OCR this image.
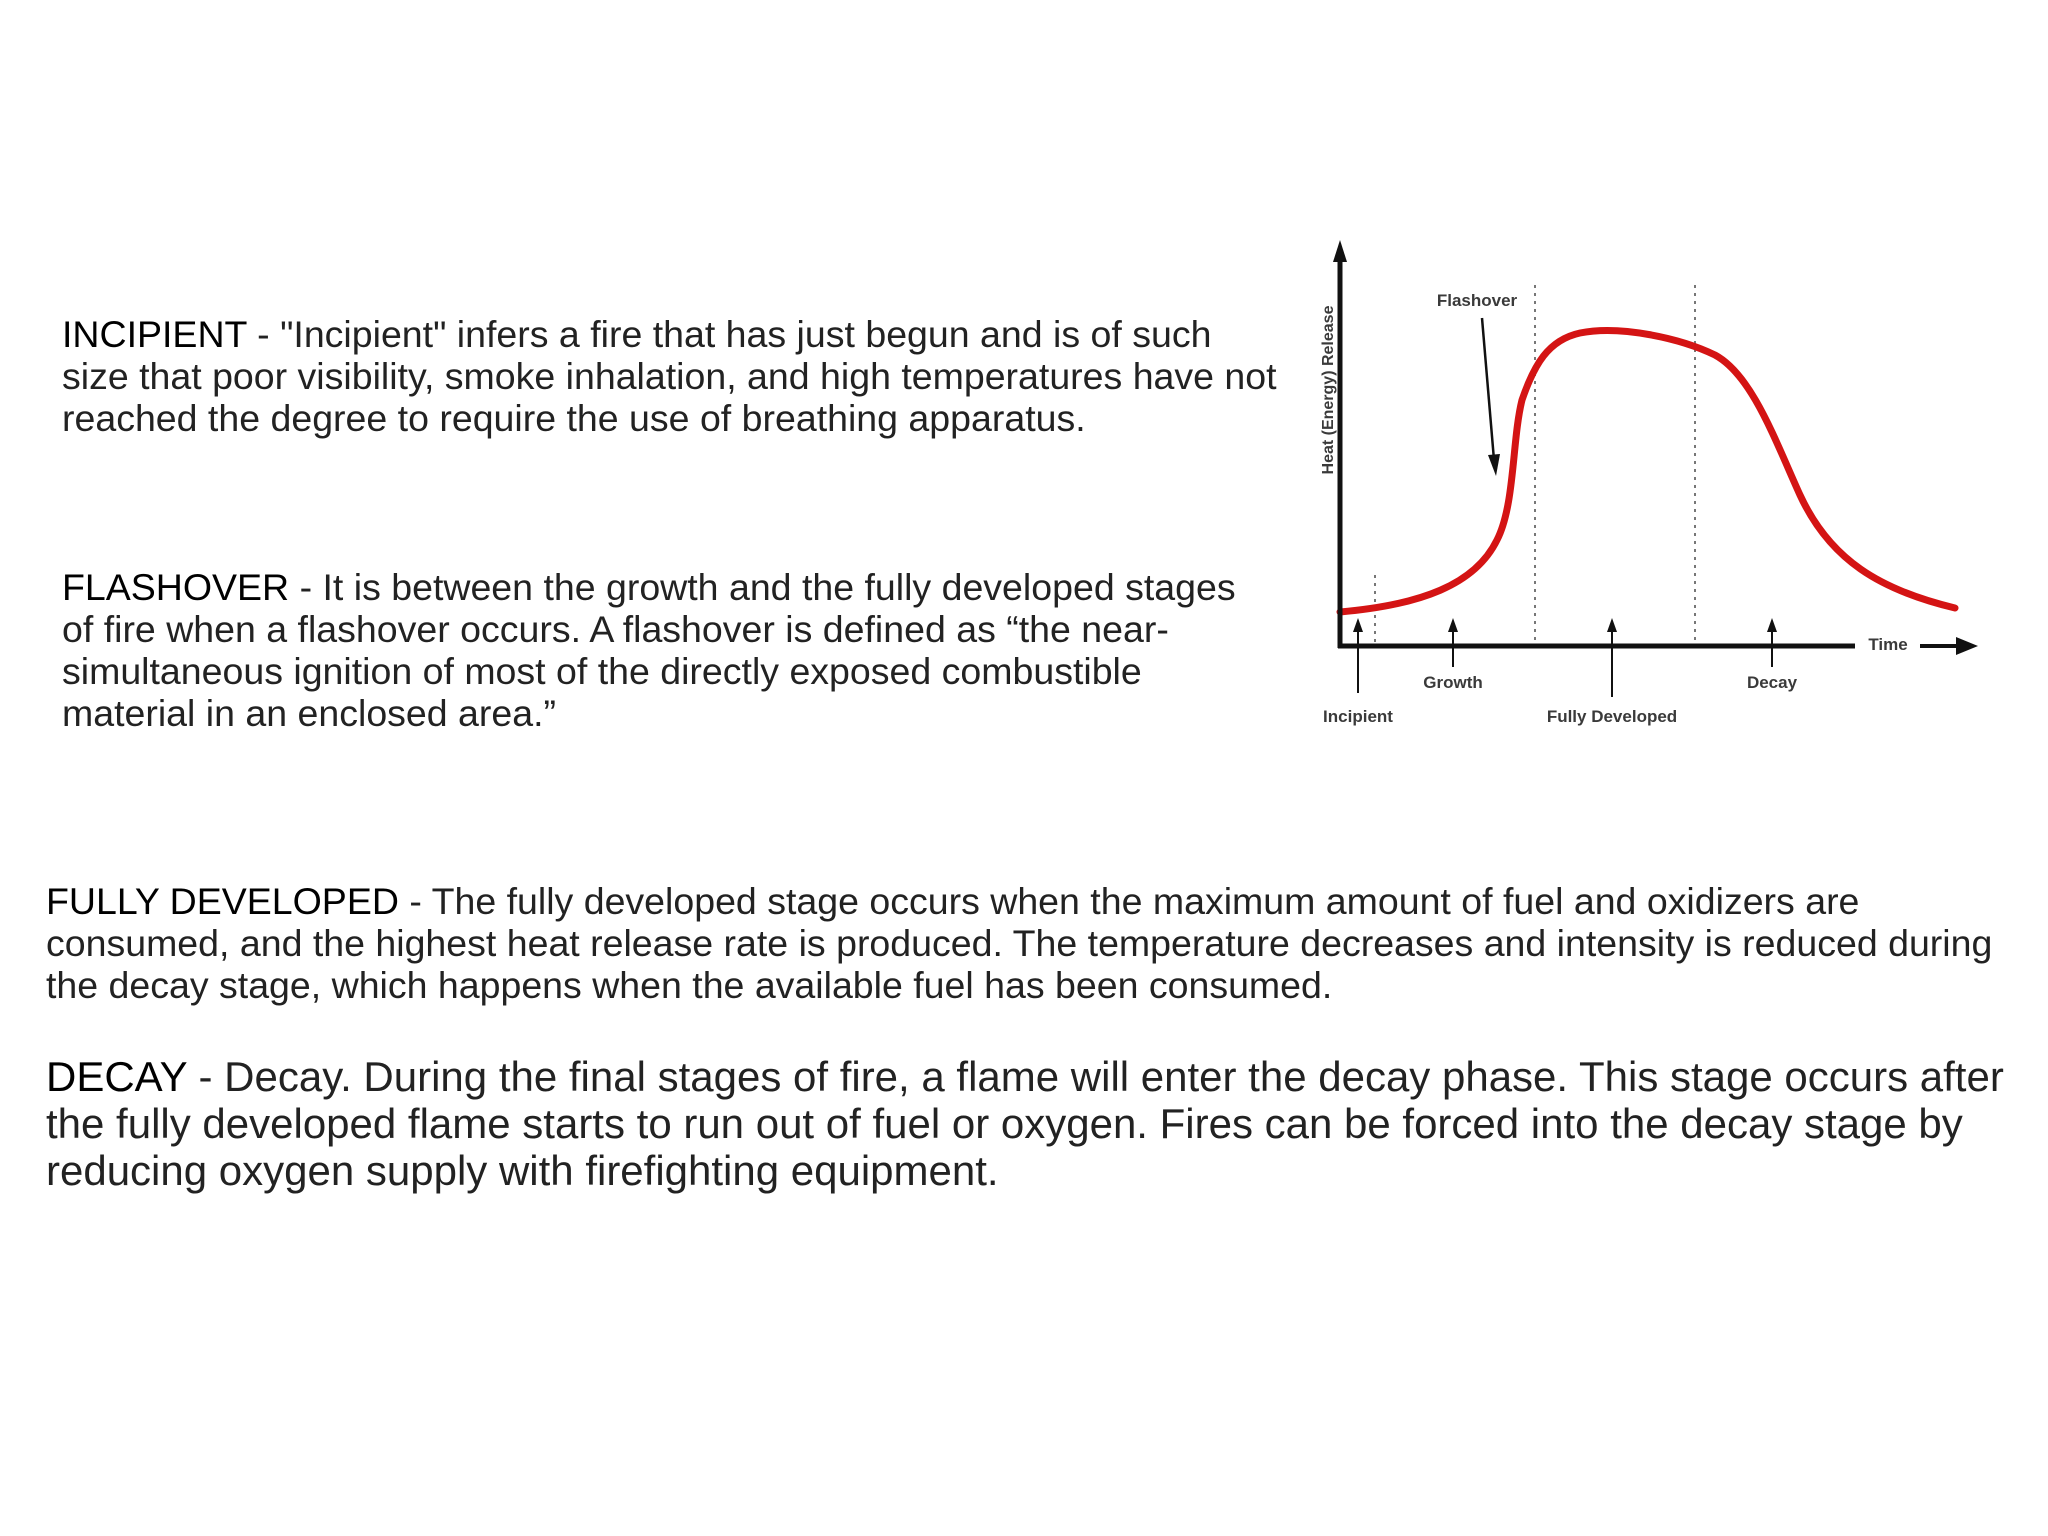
INCIPIENT - "Incipient" infers a fire that has just begun and is of such size that poor visibility, smoke inhalation, and high temperatures have not reached the degree to require the use of breathing apparatus.

FLASHOVER - It is between the growth and the fully developed stages of fire when a flashover occurs. A flashover is defined as “the near-simultaneous ignition of most of the directly exposed combustible material in an enclosed area.”

Heat (Energy) Release
Time
Flashover
Incipient
Growth
Fully Developed
Decay

FULLY DEVELOPED - The fully developed stage occurs when the maximum amount of fuel and oxidizers are consumed, and the highest heat release rate is produced. The temperature decreases and intensity is reduced during the decay stage, which happens when the available fuel has been consumed.

DECAY - Decay. During the final stages of fire, a flame will enter the decay phase. This stage occurs after the fully developed flame starts to run out of fuel or oxygen. Fires can be forced into the decay stage by reducing oxygen supply with firefighting equipment.
